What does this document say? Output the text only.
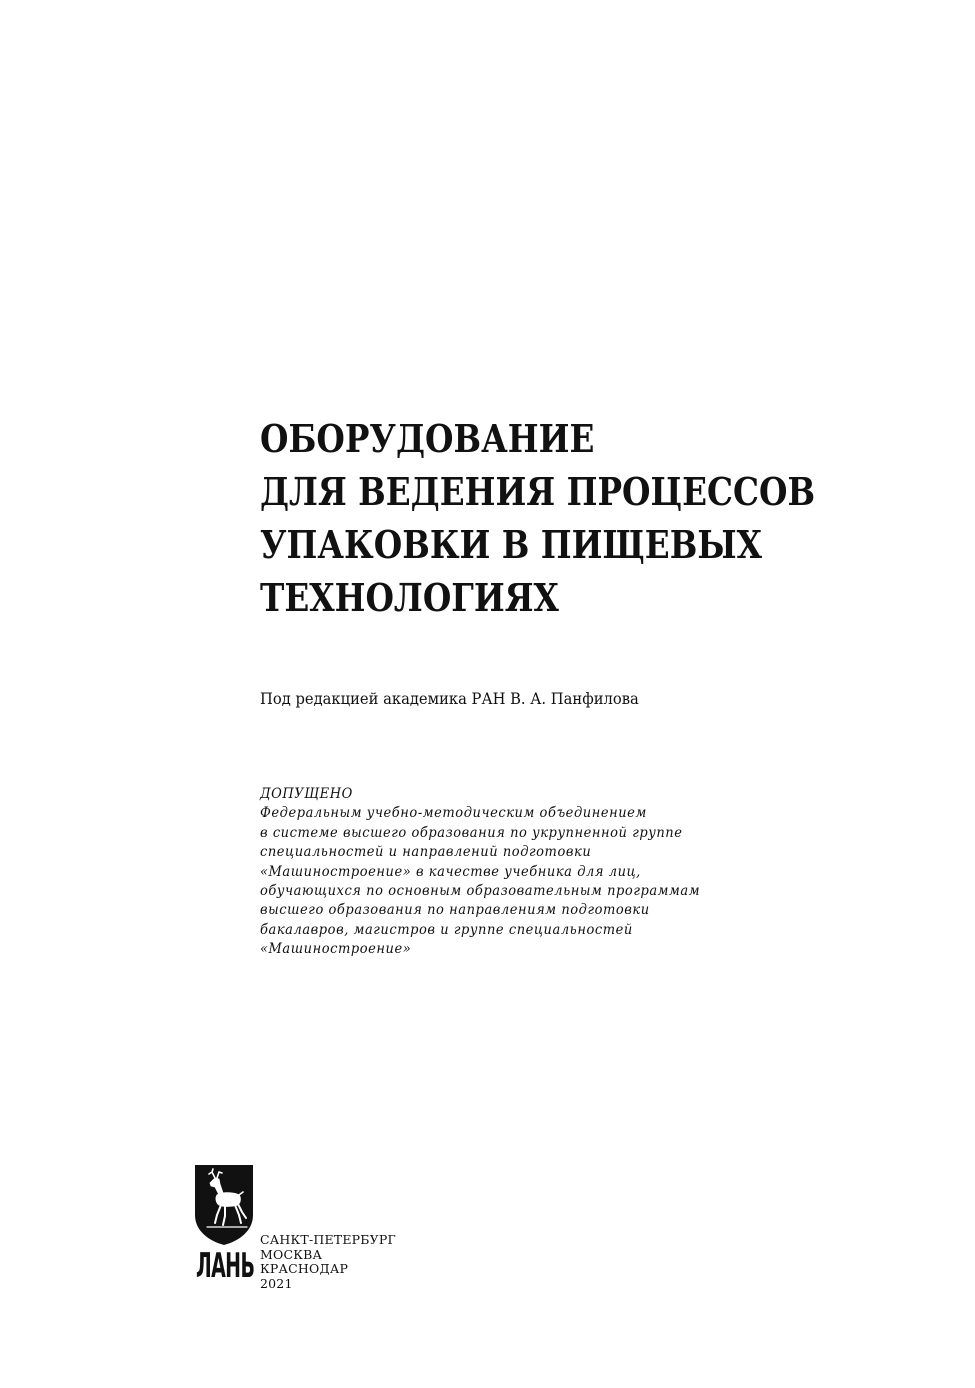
ОБОРУДОВАНИЕ
ДЛЯ ВЕДЕНИЯ ПРОЦЕССОВ
УПАКОВКИ В ПИЩЕВЫХ
ТЕХНОЛОГИЯХ
Под редакцией академика РАН В. А. Панфилова
ДОПУЩЕНО
Федеральным учебно-методическим объединением
в системе высшего образования по укрупненной группе
специальностей и направлений подготовки
«Машиностроение» в качестве учебника для лиц,
обучающихся по основным образовательным программам
высшего образования по направлениям подготовки
бакалавров, магистров и группе специальностей
«Машиностроение»
ЛАНЬ
САНКТ-ПЕТЕРБУРГ
МОСКВА
КРАСНОДАР
2021
